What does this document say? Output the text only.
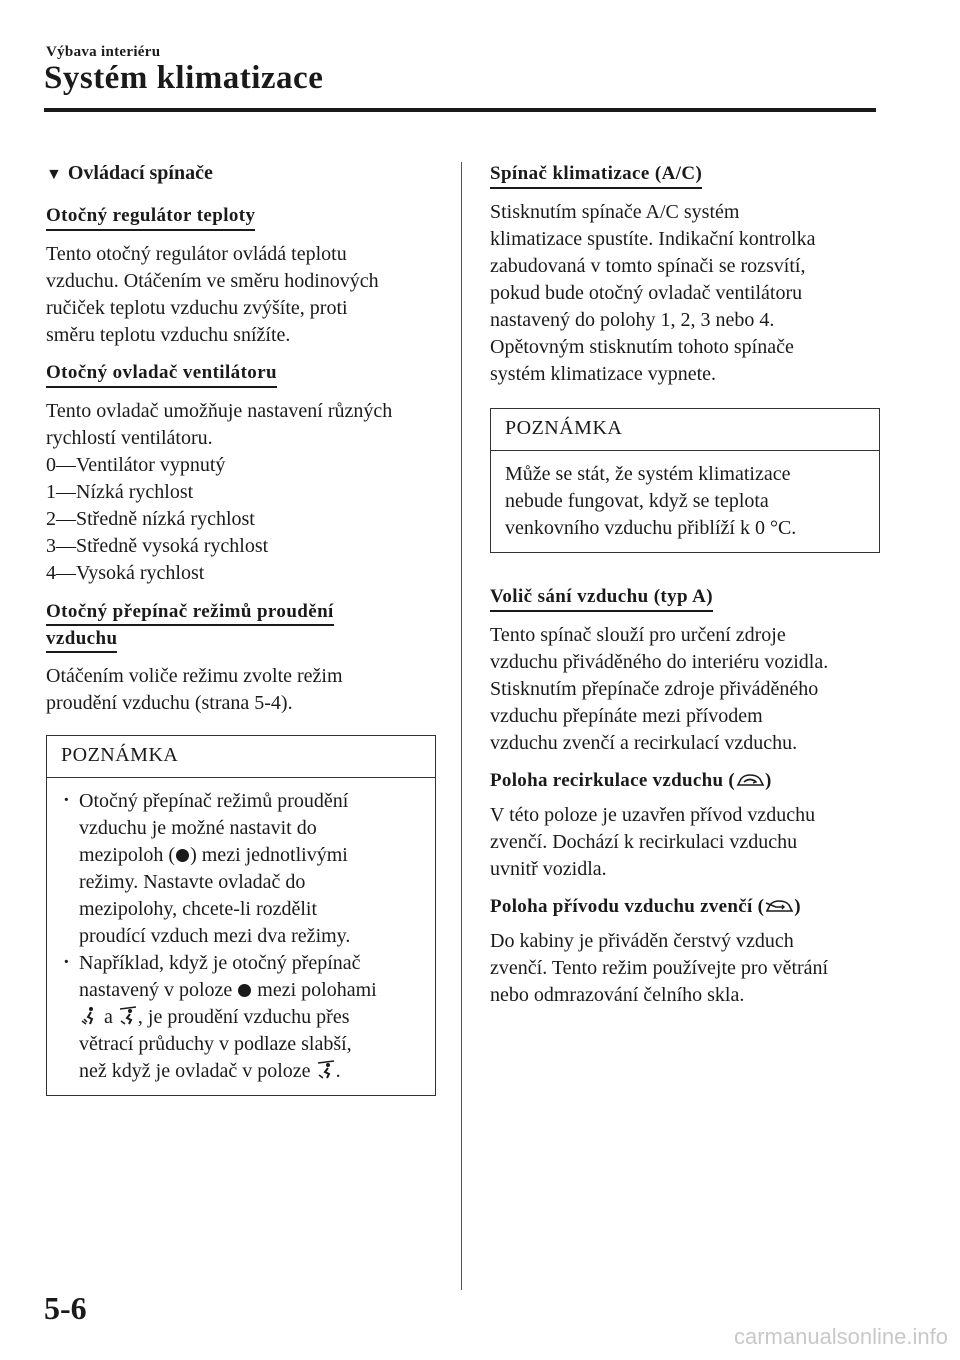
Výbava interiéru
Systém klimatizace
▼ Ovládací spínače
Otočný regulátor teploty

Tento otočný regulátor ovládá teplotu
vzduchu. Otáčením ve směru hodinových
ručiček teplotu vzduchu zvýšíte, proti
směru teplotu vzduchu snížíte.

Otočný ovladač ventilátoru

Tento ovladač umožňuje nastavení různých
rychlostí ventilátoru.

0—Ventilátor vypnutý
1—Nízká rychlost
2—Středně nízká rychlost
3—Středně vysoká rychlost
4—Vysoká rychlost
Otočný přepínač režimů proudění
vzduchu

Otáčením voliče režimu zvolte režim
proudění vzduchu (strana 5-4).

POZNÁMKA
· Otočný přepínač režimů proudění
vzduchu je možné nastavit do
mezipoloh ( ) mezi jednotlivými
režimy. Nastavte ovladač do
mezipolohy, chcete-li rozdělit
proudící vzduch mezi dva režimy.
· Například, když je otočný přepínač
nastavený v poloze  mezi polohami
a , je proudění vzduchu přes
větrací průduchy v podlaze slabší,
než když je ovladač v poloze .
Spínač klimatizace (A/C)

Stisknutím spínače A/C systém
klimatizace spustíte. Indikační kontrolka
zabudovaná v tomto spínači se rozsvítí,
pokud bude otočný ovladač ventilátoru
nastavený do polohy 1, 2, 3 nebo 4.
Opětovným stisknutím tohoto spínače
systém klimatizace vypnete.

POZNÁMKA
Může se stát, že systém klimatizace
nebude fungovat, když se teplota
venkovního vzduchu přiblíží k 0 °C.
Volič sání vzduchu (typ A)

Tento spínač slouží pro určení zdroje
vzduchu přiváděného do interiéru vozidla.
Stisknutím přepínače zdroje přiváděného
vzduchu přepínáte mezi přívodem
vzduchu zvenčí a recirkulací vzduchu.

Poloha recirkulace vzduchu ( )

V této poloze je uzavřen přívod vzduchu
zvenčí. Dochází k recirkulaci vzduchu
uvnitř vozidla.

Poloha přívodu vzduchu zvenčí ( )

Do kabiny je přiváděn čerstvý vzduch
zvenčí. Tento režim používejte pro větrání
nebo odmrazování čelního skla.

5-6
carmanualsonline.info
